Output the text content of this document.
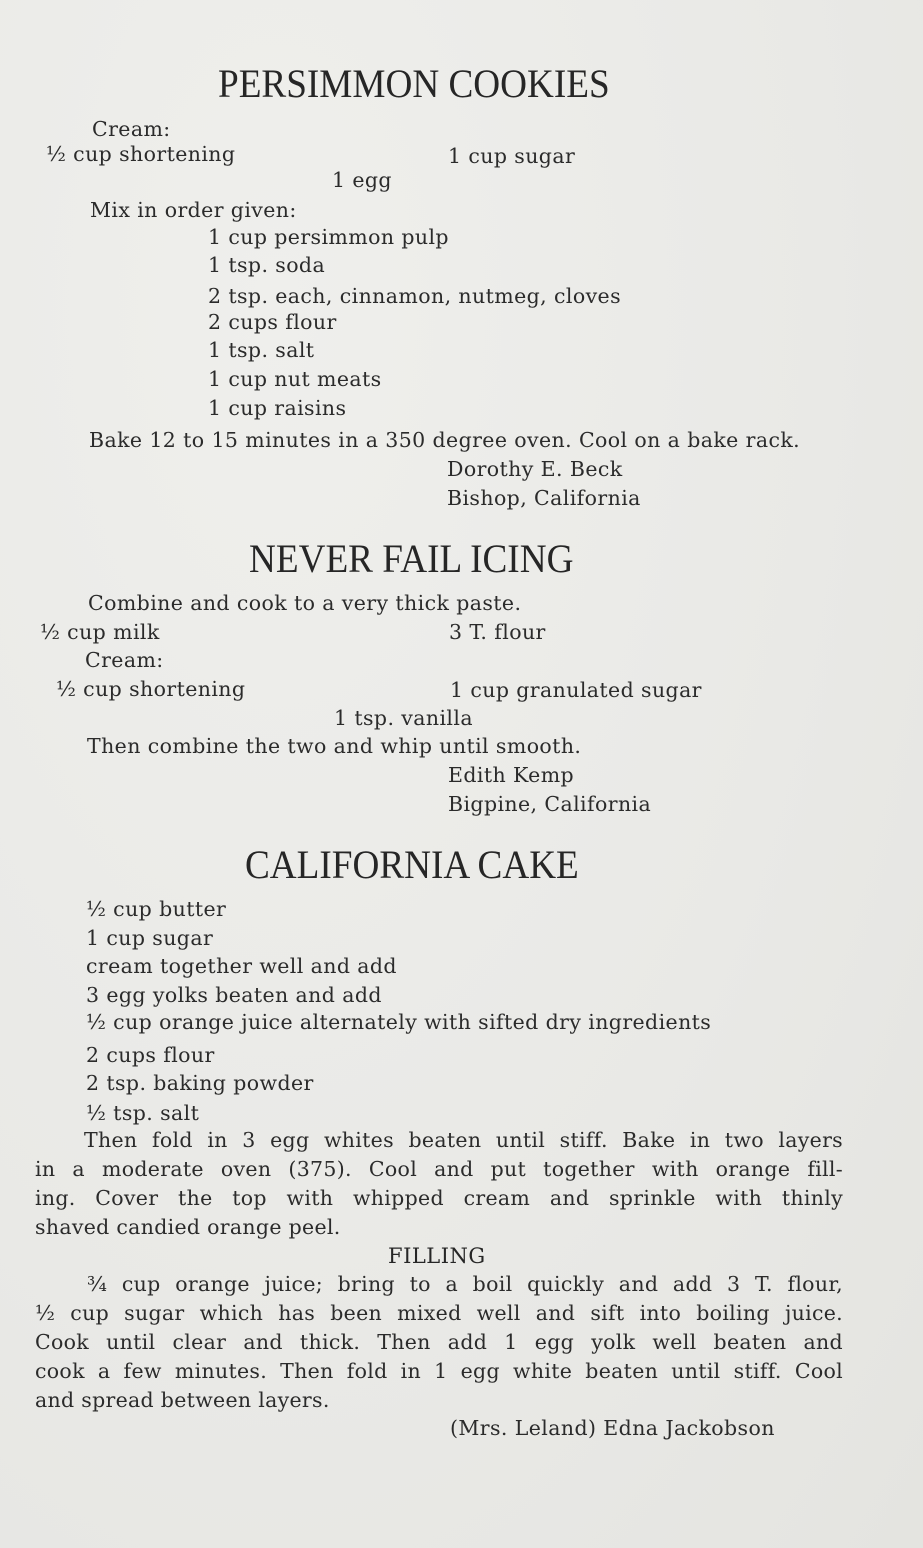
PERSIMMON COOKIES
Cream:
½ cup shortening	1 cup sugar
1 egg
Mix in order given:
1 cup persimmon pulp
1 tsp. soda
2 tsp. each, cinnamon, nutmeg, cloves
2 cups flour
1 tsp. salt
1 cup nut meats
1 cup raisins
Bake 12 to 15 minutes in a 350 degree oven. Cool on a bake rack.
Dorothy E. Beck
Bishop, California
NEVER FAIL ICING
Combine and cook to a very thick paste.
½ cup milk	3 T. flour
Cream:
½ cup shortening	1 cup granulated sugar
1 tsp. vanilla
Then combine the two and whip until smooth.
Edith Kemp
Bigpine, California
CALIFORNIA CAKE
½ cup butter
1 cup sugar
cream together well and add
3 egg yolks beaten and add
½ cup orange juice alternately with sifted dry ingredients
2 cups flour
2 tsp. baking powder
½ tsp. salt
Then fold in 3 egg whites beaten until stiff. Bake in two layers
in a moderate oven (375). Cool and put together with orange fill-
ing. Cover the top with whipped cream and sprinkle with thinly
shaved candied orange peel.
FILLING
¾ cup orange juice; bring to a boil quickly and add 3 T. flour,
½ cup sugar which has been mixed well and sift into boiling juice.
Cook until clear and thick. Then add 1 egg yolk well beaten and
cook a few minutes. Then fold in 1 egg white beaten until stiff. Cool
and spread between layers.
(Mrs. Leland) Edna Jackobson
